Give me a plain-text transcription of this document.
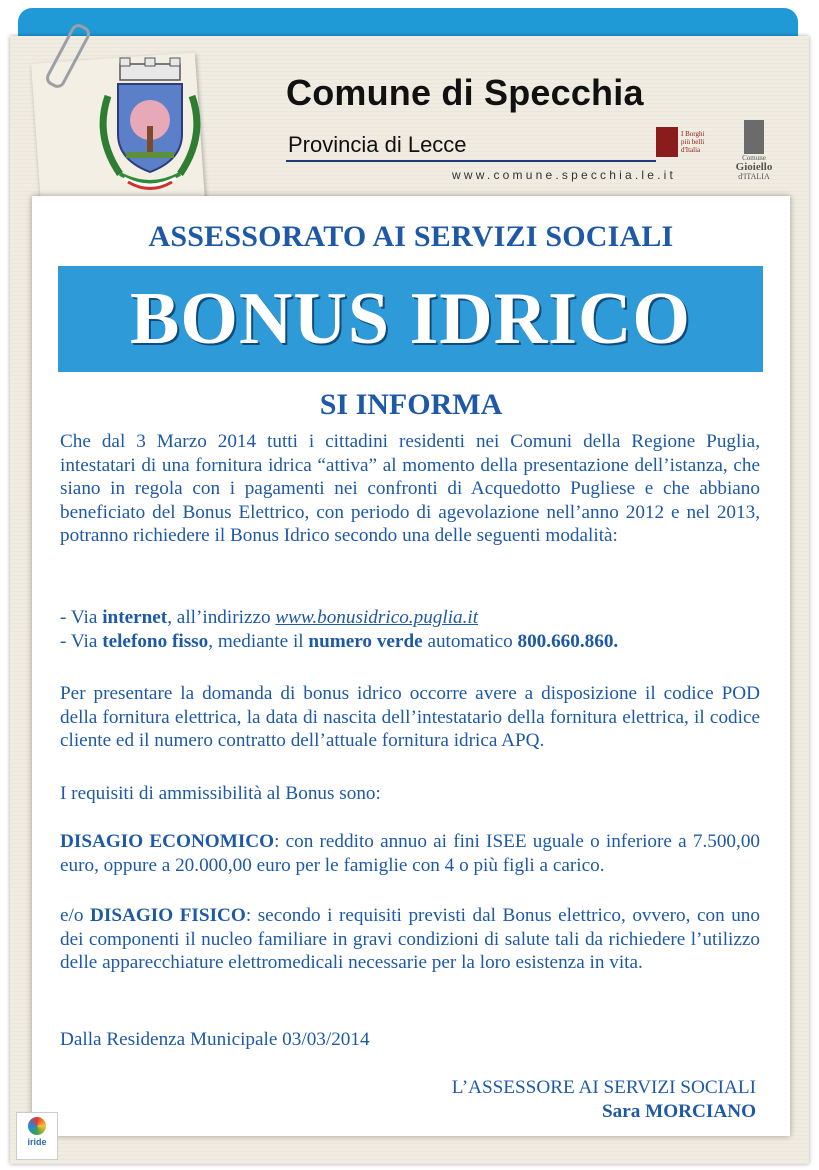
Comune di Specchia
Provincia di Lecce
www.comune.specchia.le.it
I Borghi
più belli
d'Italia
Comune
Gioiello
d'ITALIA
ASSESSORATO AI SERVIZI SOCIALI
BONUS IDRICO
SI INFORMA

Che dal 3 Marzo 2014 tutti i cittadini residenti nei Comuni della Regione Puglia, intestatari di una fornitura idrica “attiva” al momento della presentazione dell’istanza, che siano in regola con i pagamenti nei confronti di Acquedotto Pugliese e che abbiano beneficiato del Bonus Elettrico, con periodo di agevolazione nell’anno 2012 e nel 2013, potranno richiedere il Bonus Idrico secondo una delle seguenti modalità:

- Via internet, all’indirizzo www.bonusidrico.puglia.it

- Via telefono fisso, mediante il numero verde automatico 800.660.860.

Per presentare la domanda di bonus idrico occorre avere a disposizione il codice POD della fornitura elettrica, la data di nascita dell’intestatario della fornitura elettrica, il codice cliente ed il numero contratto dell’attuale fornitura idrica APQ.

I requisiti di ammissibilità al Bonus sono:

DISAGIO ECONOMICO: con reddito annuo ai fini ISEE uguale o inferiore a 7.500,00 euro, oppure a 20.000,00 euro per le famiglie con 4 o più figli a carico.

e/o DISAGIO FISICO: secondo i requisiti previsti dal Bonus elettrico, ovvero, con uno dei componenti il nucleo familiare in gravi condizioni di salute tali da richiedere l’utilizzo delle apparecchiature elettromedicali necessarie per la loro esistenza in vita.

Dalla Residenza Municipale 03/03/2014

L’ASSESSORE AI SERVIZI SOCIALI
Sara MORCIANO
iride
